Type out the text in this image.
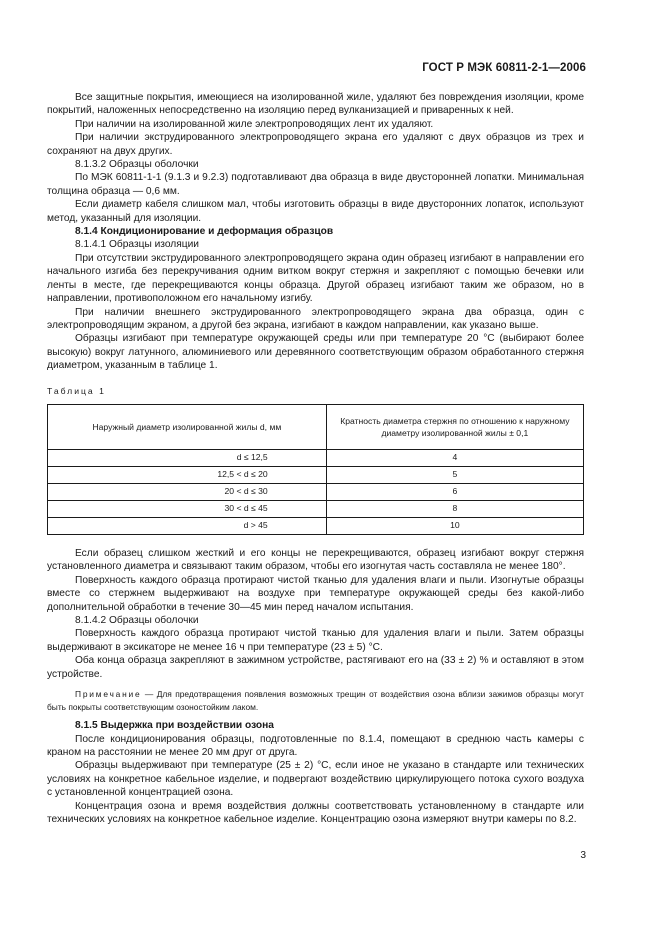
ГОСТ Р МЭК 60811-2-1—2006

Все защитные покрытия, имеющиеся на изолированной жиле, удаляют без повреждения изоляции, кроме покрытий, наложенных непосредственно на изоляцию перед вулканизацией и приваренных к ней.

При наличии на изолированной жиле электропроводящих лент их удаляют.

При наличии экструдированного электропроводящего экрана его удаляют с двух образцов из трех и сохраняют на двух других.

8.1.3.2 Образцы оболочки

По МЭК 60811-1-1 (9.1.3 и 9.2.3) подготавливают два образца в виде двусторонней лопатки. Минимальная толщина образца — 0,6 мм.

Если диаметр кабеля слишком мал, чтобы изготовить образцы в виде двусторонних лопаток, используют метод, указанный для изоляции.

8.1.4 Кондиционирование и деформация образцов

8.1.4.1 Образцы изоляции

При отсутствии экструдированного электропроводящего экрана один образец изгибают в направлении его начального изгиба без перекручивания одним витком вокруг стержня и закрепляют с помощью бечевки или ленты в месте, где перекрещиваются концы образца. Другой образец изгибают таким же образом, но в направлении, противоположном его начальному изгибу.

При наличии внешнего экструдированного электропроводящего экрана два образца, один с электропроводящим экраном, а другой без экрана, изгибают в каждом направлении, как указано выше.

Образцы изгибают при температуре окружающей среды или при температуре 20 °С (выбирают более высокую) вокруг латунного, алюминиевого или деревянного соответствующим образом обработанного стержня диаметром, указанным в таблице 1.

Таблица 1

Наружный диаметр изолированной жилы d, мм	Кратность диаметра стержня по отношению к наружному диаметру изолированной жилы ± 0,1
d ≤ 12,5	4
12,5 < d ≤ 20	5
20 < d ≤ 30	6
30 < d ≤ 45	8
d > 45	10

Если образец слишком жесткий и его концы не перекрещиваются, образец изгибают вокруг стержня установленного диаметра и связывают таким образом, чтобы его изогнутая часть составляла не менее 180°.

Поверхность каждого образца протирают чистой тканью для удаления влаги и пыли. Изогнутые образцы вместе со стержнем выдерживают на воздухе при температуре окружающей среды без какой-либо дополнительной обработки в течение 30—45 мин перед началом испытания.

8.1.4.2 Образцы оболочки

Поверхность каждого образца протирают чистой тканью для удаления влаги и пыли. Затем образцы выдерживают в эксикаторе не менее 16 ч при температуре (23 ± 5) °С.

Оба конца образца закрепляют в зажимном устройстве, растягивают его на (33 ± 2) % и оставляют в этом устройстве.

Примечание — Для предотвращения появления возможных трещин от воздействия озона вблизи зажимов образцы могут быть покрыты соответствующим озоностойким лаком.

8.1.5 Выдержка при воздействии озона

После кондиционирования образцы, подготовленные по 8.1.4, помещают в среднюю часть камеры с краном на расстоянии не менее 20 мм друг от друга.

Образцы выдерживают при температуре (25 ± 2) °С, если иное не указано в стандарте или технических условиях на конкретное кабельное изделие, и подвергают воздействию циркулирующего потока сухого воздуха с установленной концентрацией озона.

Концентрация озона и время воздействия должны соответствовать установленному в стандарте или технических условиях на конкретное кабельное изделие. Концентрацию озона измеряют внутри камеры по 8.2.

3
